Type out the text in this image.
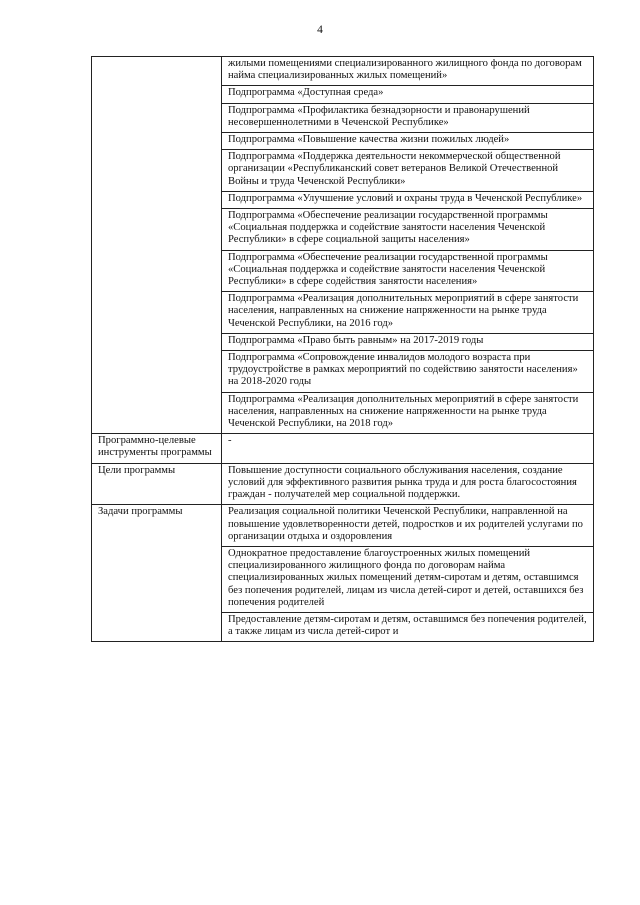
4
	жилыми помещениями специализированного жилищного фонда по договорам найма специализированных жилых помещений»
	Подпрограмма «Доступная среда»
	Подпрограмма «Профилактика безнадзорности и правонарушений несовершеннолетними в Чеченской Республике»
	Подпрограмма «Повышение качества жизни пожилых людей»
	Подпрограмма «Поддержка деятельности некоммерческой общественной организации «Республиканский совет ветеранов Великой Отечественной Войны и труда Чеченской Республики»
	Подпрограмма «Улучшение условий и охраны труда в Чеченской Республике»
	Подпрограмма «Обеспечение реализации государственной программы «Социальная поддержка и содействие занятости населения Чеченской Республики» в сфере социальной защиты населения»
	Подпрограмма «Обеспечение реализации государственной программы «Социальная поддержка и содействие занятости населения Чеченской Республики» в сфере содействия занятости населения»
	Подпрограмма «Реализация дополнительных мероприятий в сфере занятости населения, направленных на снижение напряженности на рынке труда Чеченской Республики, на 2016 год»
	Подпрограмма «Право быть равным» на 2017-2019 годы
	Подпрограмма «Сопровождение инвалидов молодого возраста при трудоустройстве в рамках мероприятий по содействию занятости населения» на 2018-2020 годы
	Подпрограмма «Реализация дополнительных мероприятий в сфере занятости населения, направленных на снижение напряженности на рынке труда Чеченской Республики, на 2018 год»
Программно-целевые инструменты программы	-
Цели программы	Повышение доступности социального обслуживания населения, создание условий для эффективного развития рынка труда и для роста благосостояния граждан - получателей мер социальной поддержки.
Задачи программы	Реализация социальной политики Чеченской Республики, направленной на повышение удовлетворенности детей, подростков и их родителей услугами по организации отдыха и оздоровления
	Однократное предоставление благоустроенных жилых помещений специализированного жилищного фонда по договорам найма специализированных жилых помещений детям-сиротам и детям, оставшимся без попечения родителей, лицам из числа детей-сирот и детей, оставшихся без попечения родителей
	Предоставление детям-сиротам и детям, оставшимся без попечения родителей, а также лицам из числа детей-сирот и
